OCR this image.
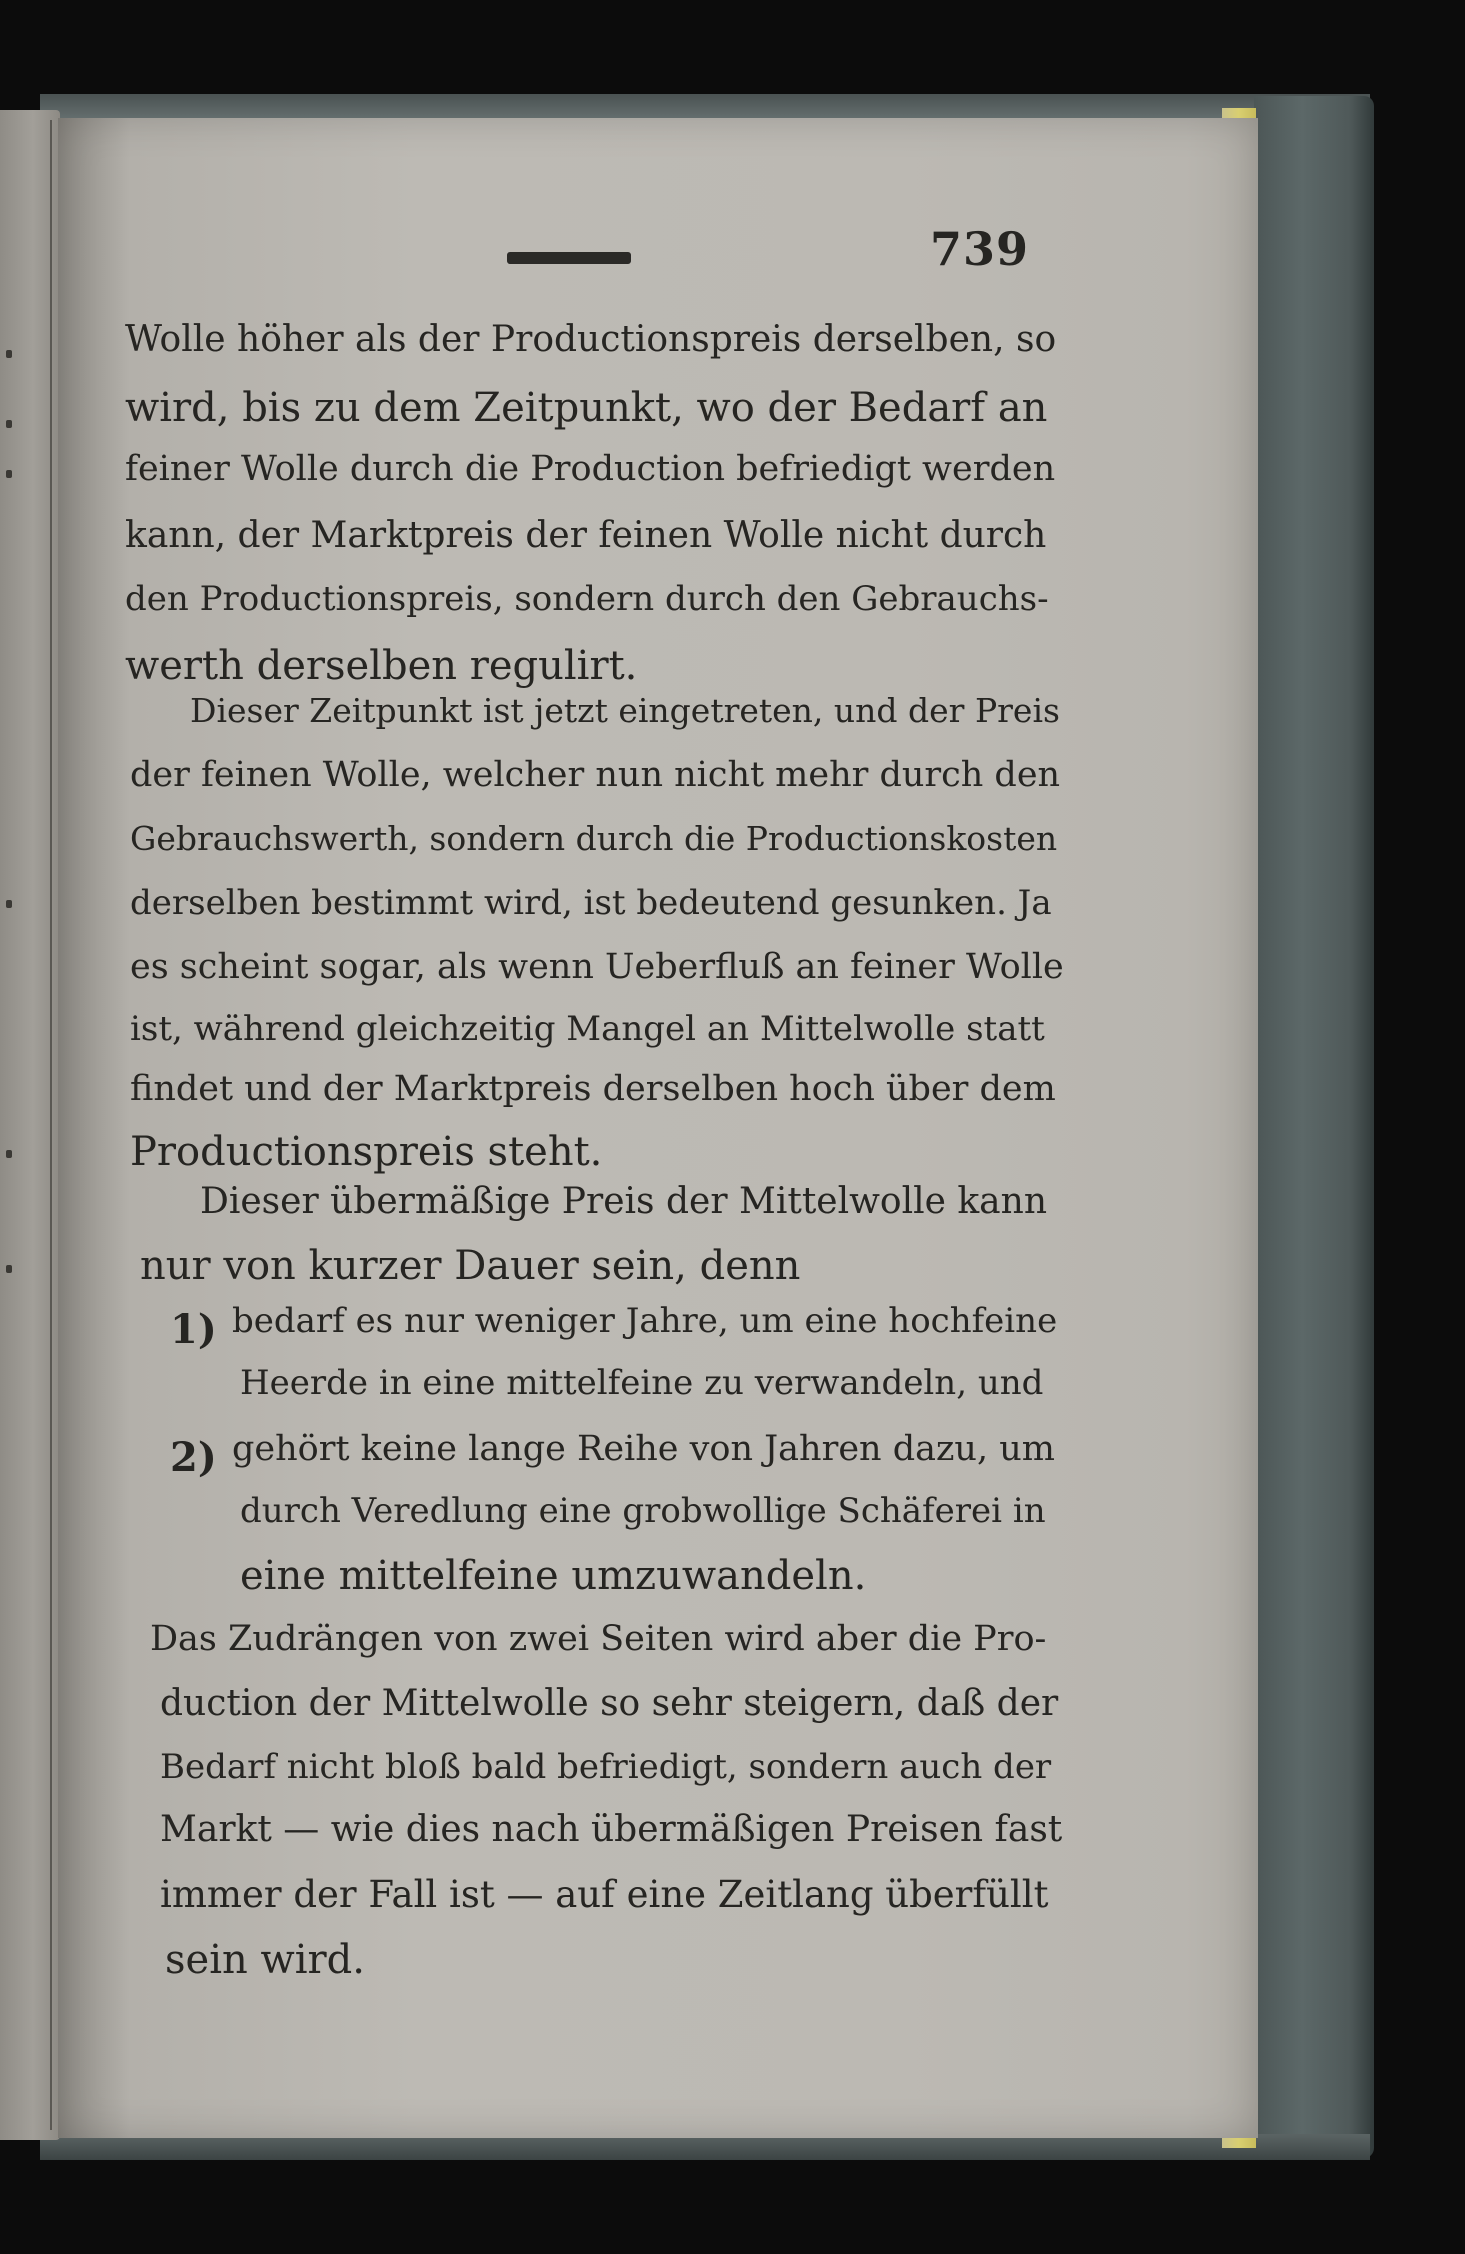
739
Wolle höher als der Productionspreis derselben, so
wird, bis zu dem Zeitpunkt, wo der Bedarf an
feiner Wolle durch die Production befriedigt werden
kann, der Marktpreis der feinen Wolle nicht durch
den Productionspreis, sondern durch den Gebrauchs-
werth derselben regulirt.
Dieser Zeitpunkt ist jetzt eingetreten, und der Preis
der feinen Wolle, welcher nun nicht mehr durch den
Gebrauchswerth, sondern durch die Productionskosten
derselben bestimmt wird, ist bedeutend gesunken. Ja
es scheint sogar, als wenn Ueberfluß an feiner Wolle
ist, während gleichzeitig Mangel an Mittelwolle statt
findet und der Marktpreis derselben hoch über dem
Productionspreis steht.
Dieser übermäßige Preis der Mittelwolle kann
nur von kurzer Dauer sein, denn
1) bedarf es nur weniger Jahre, um eine hochfeine
Heerde in eine mittelfeine zu verwandeln, und
2) gehört keine lange Reihe von Jahren dazu, um
durch Veredlung eine grobwollige Schäferei in
eine mittelfeine umzuwandeln.
Das Zudrängen von zwei Seiten wird aber die Pro-
duction der Mittelwolle so sehr steigern, daß der
Bedarf nicht bloß bald befriedigt, sondern auch der
Markt — wie dies nach übermäßigen Preisen fast
immer der Fall ist — auf eine Zeitlang überfüllt
sein wird.
